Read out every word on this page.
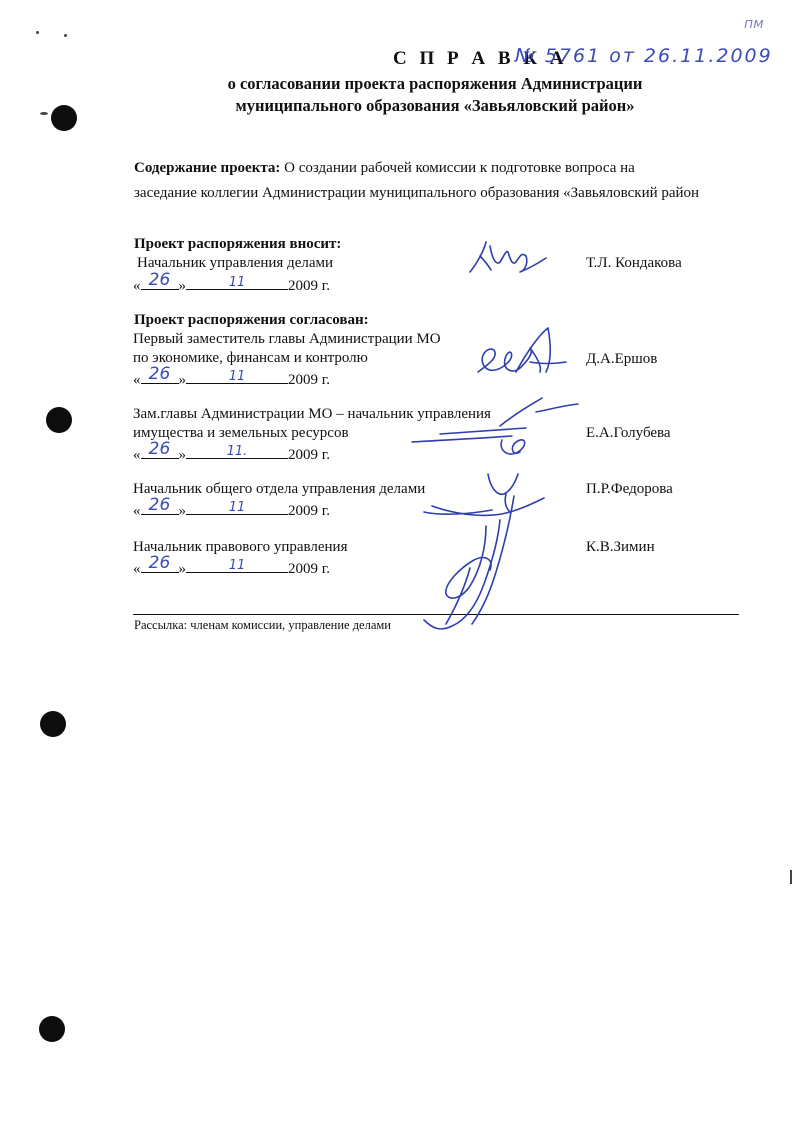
пм
С П Р А В К А
№ 5761 от 26.11.2009
о согласовании проекта распоряжения Администрации
муниципального образования «Завьяловский район»
Содержание проекта: О создании рабочей комиссии к подготовке вопроса на
заседание коллегии Администрации муниципального образования «Завьяловский район
Проект распоряжения вносит:
Начальник управления делами
« 26 »	11	2009 г.
Т.Л. Кондакова
Проект распоряжения согласован:
Первый заместитель главы Администрации МО
по экономике, финансам и контролю
« 26 »	11	2009 г.
Д.А.Ершов
Зам.главы Администрации МО – начальник управления
имущества и земельных ресурсов
« 26 »	11.	2009 г.
Е.А.Голубева
Начальник общего отдела управления делами
« 26 »	11	2009 г.
П.Р.Федорова
Начальник правового управления
« 26 »	11	2009 г.
К.В.Зимин
Рассылка: членам комиссии, управление делами
